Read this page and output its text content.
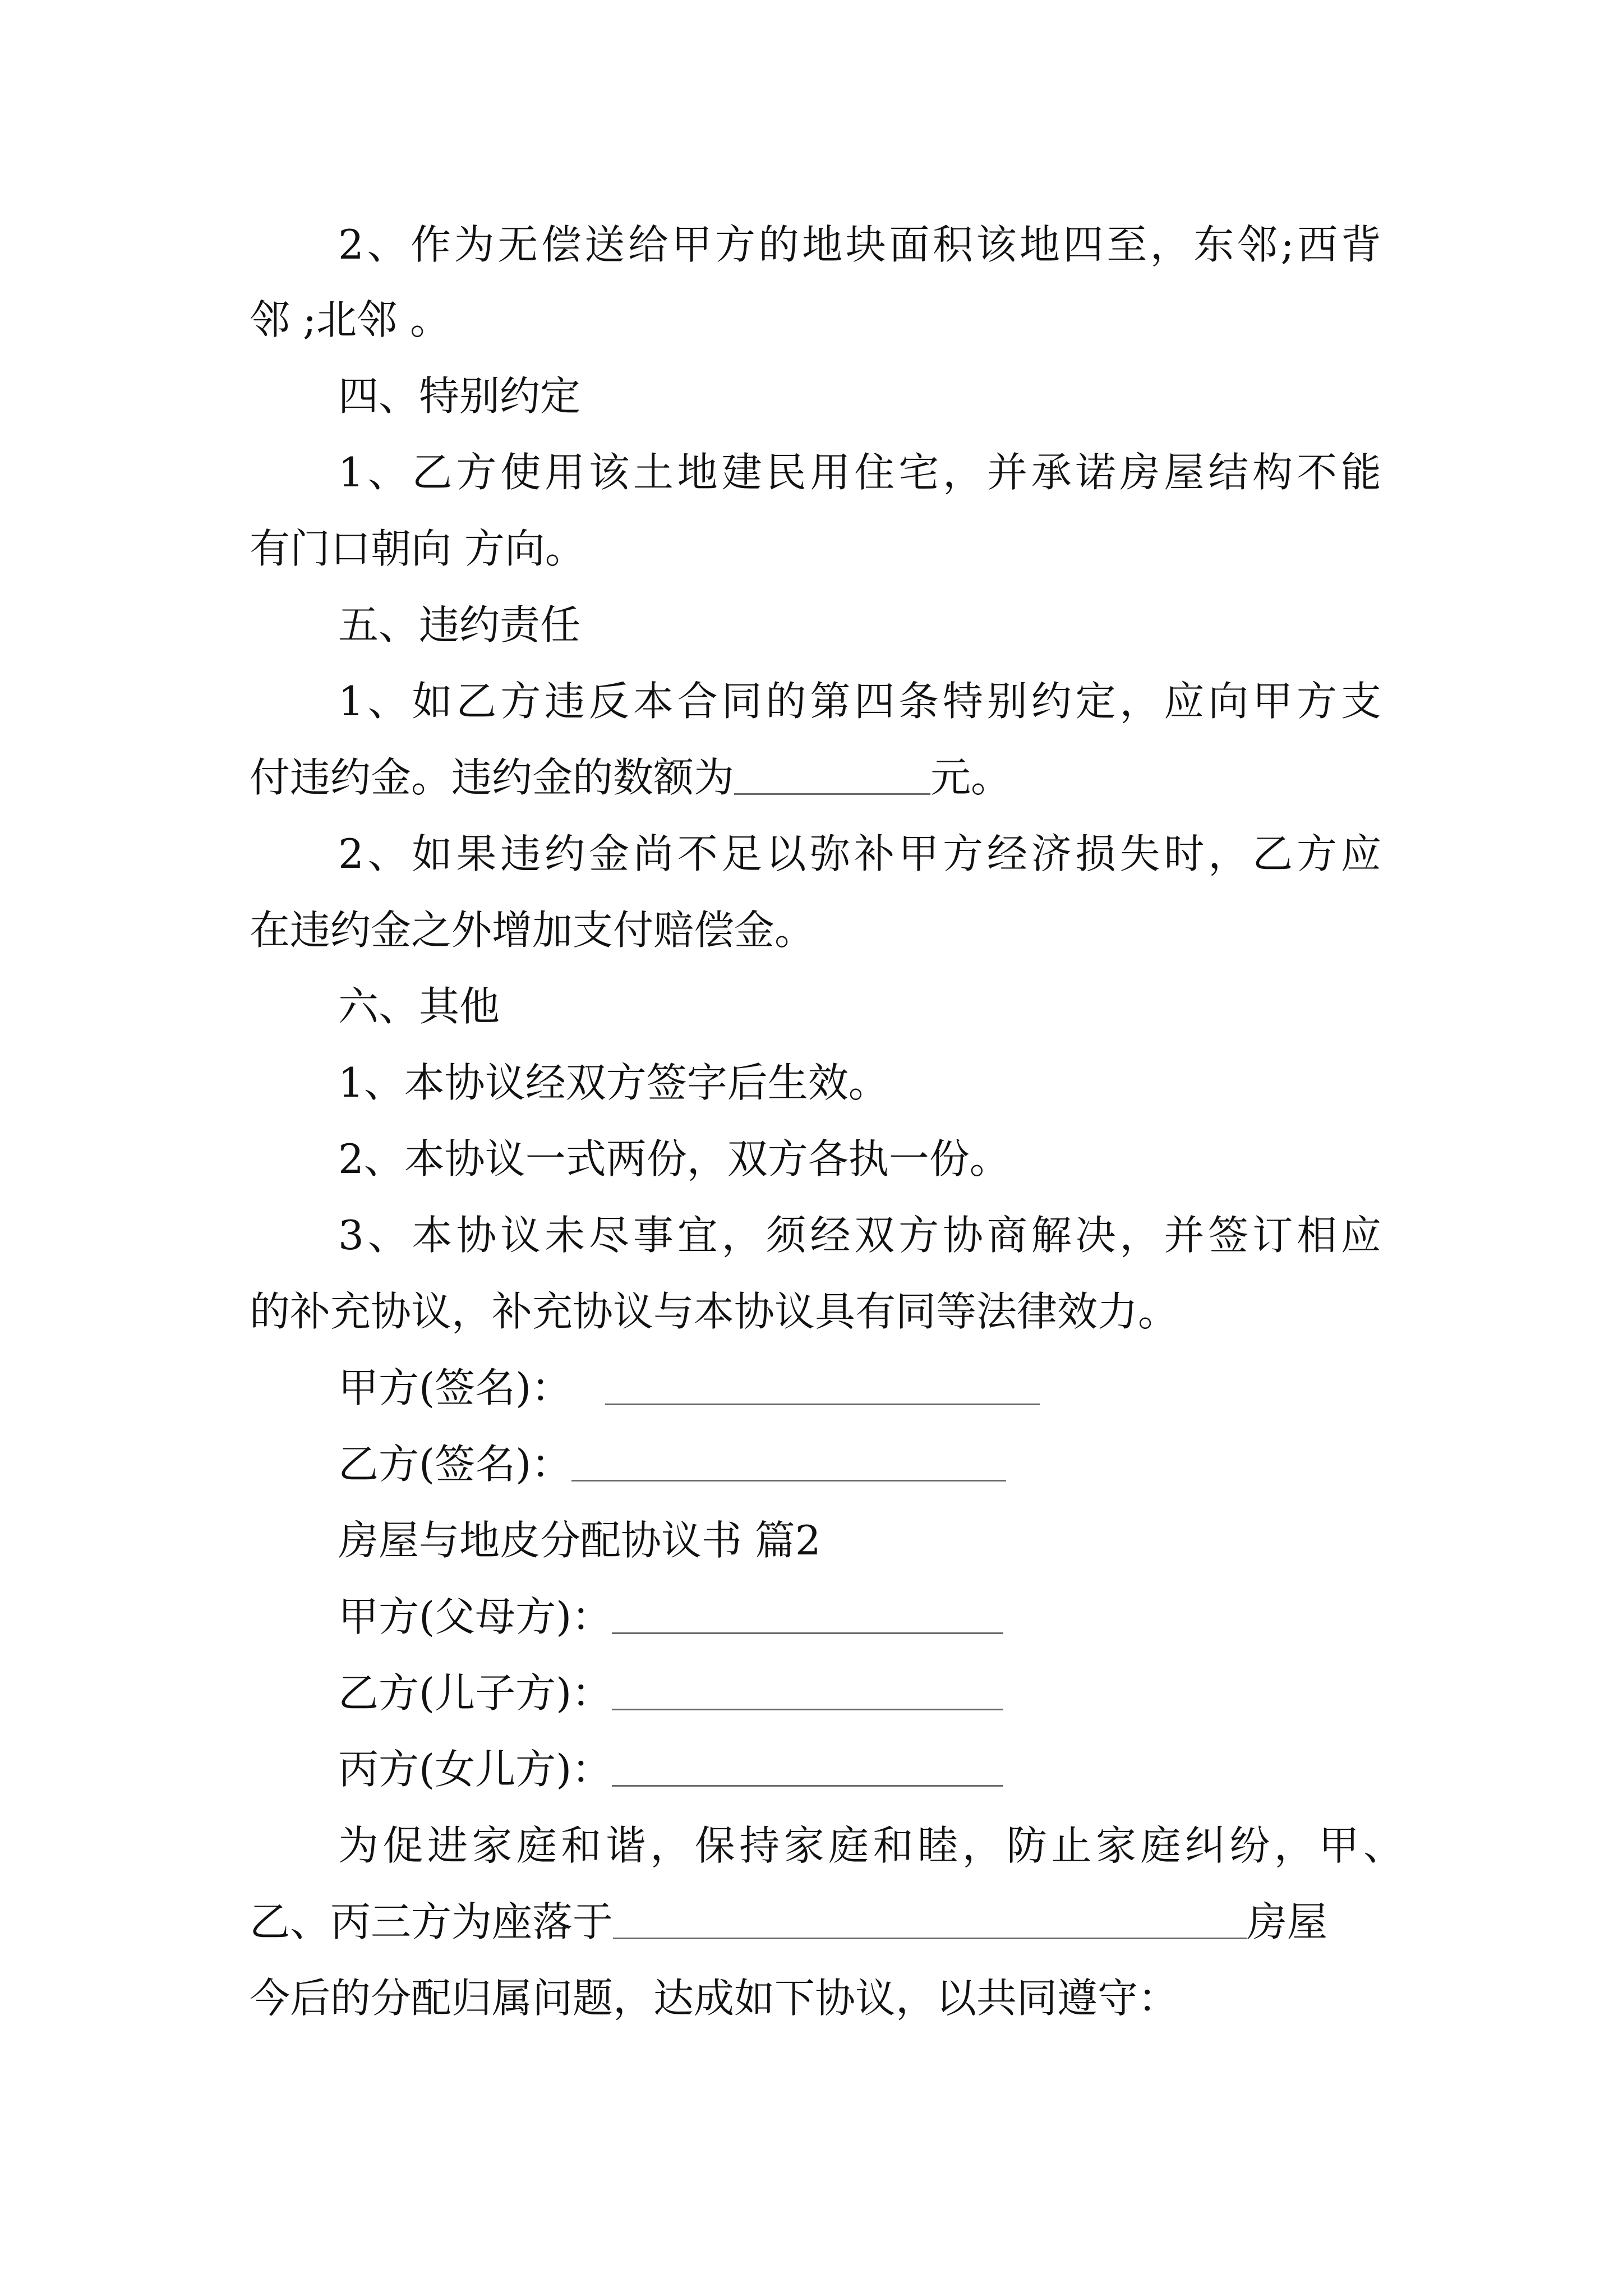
2 、 作 为 无 偿 送 给 甲 方 的 地 块 面 积 该 地 四 至 ， 东 邻 ; 西 背
邻 ;北邻 。
四、特别约定
1 、 乙 方 使 用 该 土 地 建 民 用 住 宅 ， 并 承 诺 房 屋 结 构 不 能
有门口朝向 方向。
五、违约责任
1 、 如 乙 方 违 反 本 合 同 的 第 四 条 特 别 约 定 ， 应 向 甲 方 支
付违约金。违约金的数额为	元。
2 、 如 果 违 约 金 尚 不 足 以 弥 补 甲 方 经 济 损 失 时 ， 乙 方 应
在违约金之外增加支付赔偿金。
六、其他
1、本协议经双方签字后生效。
2、本协议一式两份，双方各执一份。
3 、 本 协 议 未 尽 事 宜 ， 须 经 双 方 协 商 解 决 ， 并 签 订 相 应
的补充协议，补充协议与本协议具有同等法律效力。
甲方(签名)：
乙方(签名)：
房屋与地皮分配协议书 篇2
甲方(父母方)：
乙方(儿子方)：
丙方(女儿方)：
为 促 进 家 庭 和 谐 ， 保 持 家 庭 和 睦 ， 防 止 家 庭 纠 纷 ， 甲 、
乙、丙三方为座落于	房屋
今后的分配归属问题，达成如下协议，以共同遵守：
